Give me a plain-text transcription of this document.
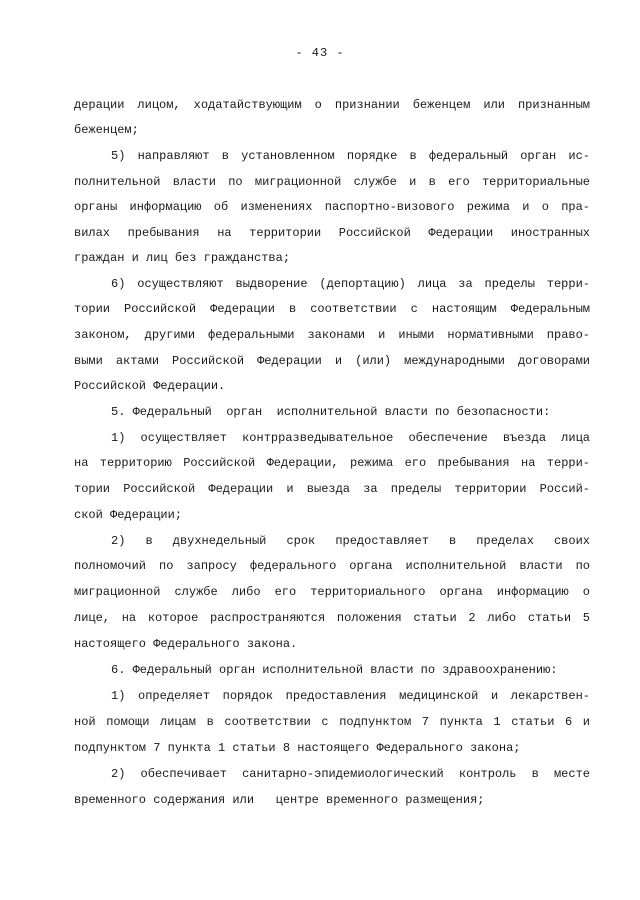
- 43 -
дерации лицом, ходатайствующим о признании беженцем или признанным
беженцем;
5) направляют в установленном порядке в федеральный орган ис-
полнительной власти по миграционной службе и в его территориальные
органы информацию об изменениях паспортно-визового режима и о пра-
вилах пребывания на территории Российской Федерации иностранных
граждан и лиц без гражданства;
6) осуществляют выдворение (депортацию) лица за пределы терри-
тории Российской Федерации в соответствии с настоящим Федеральным
законом, другими федеральными законами и иными нормативными право-
выми актами Российской Федерации и (или) международными договорами
Российской Федерации.
5. Федеральный  орган  исполнительной власти по безопасности:
1) осуществляет контрразведывательное обеспечение въезда лица
на территорию Российской Федерации, режима его пребывания на терри-
тории Российской Федерации и выезда за пределы территории Россий-
ской Федерации;
2) в двухнедельный срок предоставляет в пределах своих
полномочий по запросу федерального органа исполнительной власти по
миграционной службе либо его территориального органа информацию о
лице, на которое распространяются положения статьи 2 либо статьи 5
настоящего Федерального закона.
6. Федеральный орган исполнительной власти по здравоохранению:
1) определяет порядок предоставления медицинской и лекарствен-
ной помощи лицам в соответствии с подпунктом 7 пункта 1 статьи 6 и
подпунктом 7 пункта 1 статьи 8 настоящего Федерального закона;
2) обеспечивает санитарно-эпидемиологический контроль в месте
временного содержания или   центре временного размещения;
